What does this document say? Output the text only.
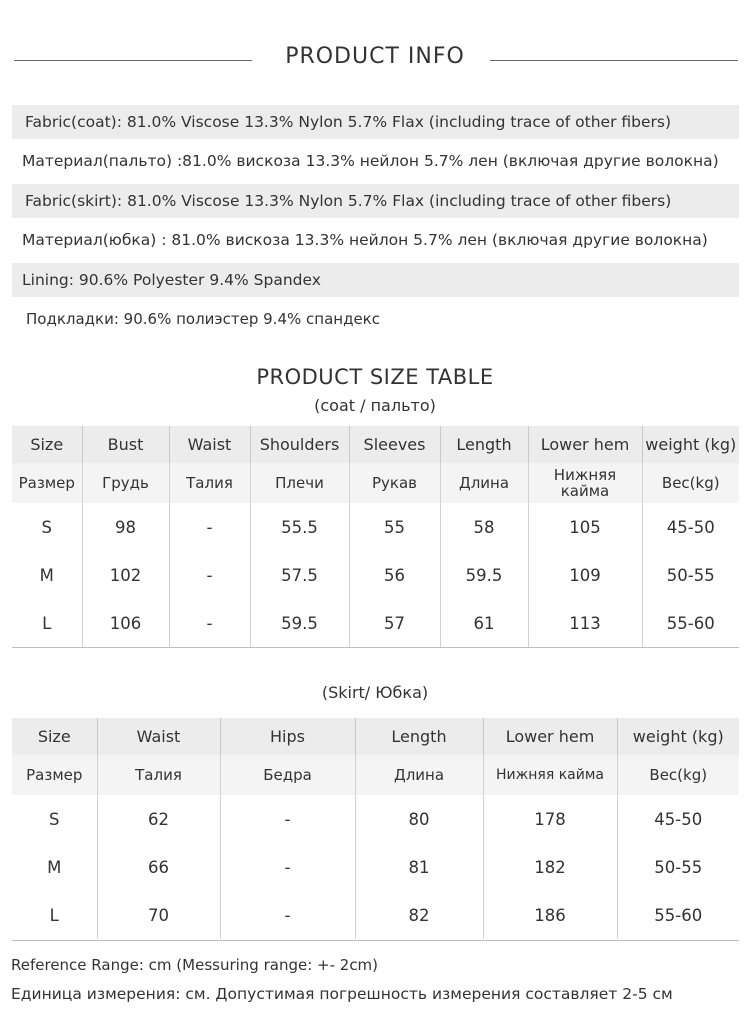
PRODUCT INFO
Fabric(coat): 81.0% Viscose 13.3% Nylon 5.7% Flax (including trace of other fibers)
Материал(пальто) :81.0% вискоза 13.3% нейлон 5.7% лен (включая другие волокна)
Fabric(skirt): 81.0% Viscose 13.3% Nylon 5.7% Flax (including trace of other fibers)
Материал(юбка) : 81.0% вискоза 13.3% нейлон 5.7% лен (включая другие волокна)
Lining: 90.6% Polyester 9.4% Spandex
Подкладки: 90.6% полиэстер 9.4% спандекс
PRODUCT SIZE TABLE
(coat / пальто)
Size	Bust	Waist	Shoulders	Sleeves	Length	Lower hem	weight (kg)
Размер	Грудь	Талия	Плечи	Рукав	Длина	Нижняя кайма	Вес(kg)
S	98	-	55.5	55	58	105	45-50
M	102	-	57.5	56	59.5	109	50-55
L	106	-	59.5	57	61	113	55-60
(Skirt/ Юбка)
Size	Waist	Hips	Length	Lower hem	weight (kg)
Размер	Талия	Бедра	Длина	Нижняя кайма	Вес(kg)
S	62	-	80	178	45-50
M	66	-	81	182	50-55
L	70	-	82	186	55-60
Reference Range: cm (Messuring range: +- 2cm)
Единица измерения: см. Допустимая погрешность измерения составляет 2-5 см
